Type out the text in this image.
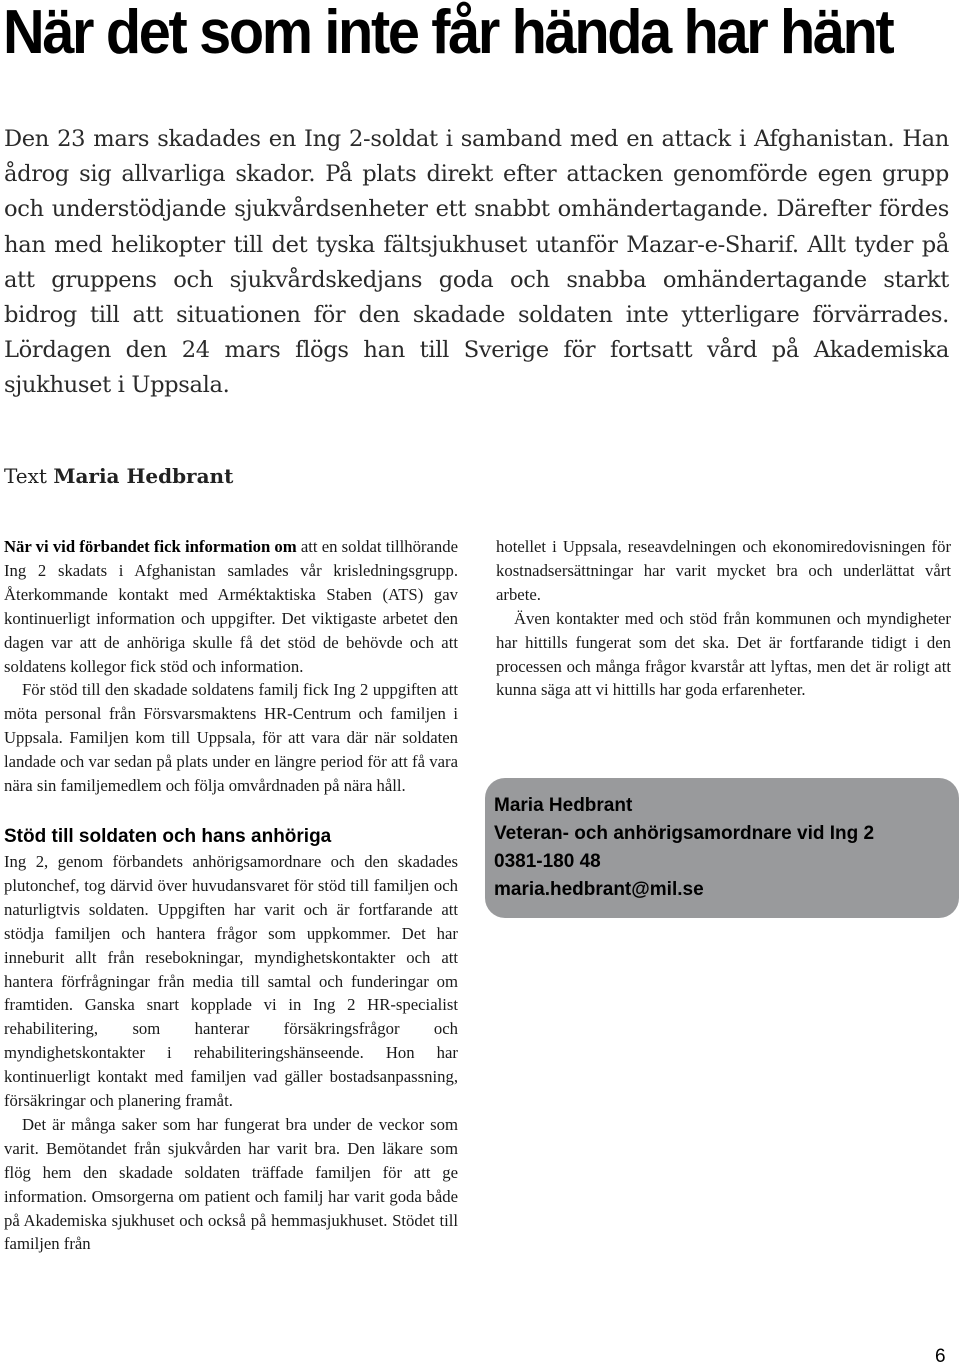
När det som inte får hända har hänt

Den 23 mars skadades en Ing 2-soldat i samband med en attack i Afghanistan. Han ådrog sig allvarliga skador. På plats direkt efter attacken genomförde egen grupp och understödjande sjukvårdsenheter ett snabbt omhändertagande. Därefter fördes han med helikopter till det tyska fältsjukhuset utanför Mazar-e-Sharif. Allt tyder på att gruppens och sjukvårdskedjans goda och snabba omhändertagande starkt bidrog till att situationen för den skadade soldaten inte ytterligare förvärrades. Lördagen den 24 mars flögs han till Sverige för fortsatt vård på Akademiska sjukhuset i Uppsala.

Text Maria Hedbrant

När vi vid förbandet fick information om att en soldat tillhörande Ing 2 skadats i Afghanistan samlades vår krisledningsgrupp. Återkommande kontakt med Arméktaktiska Staben (ATS) gav kontinuerligt information och uppgifter. Det viktigaste arbetet den dagen var att de anhöriga skulle få det stöd de behövde och att soldatens kollegor fick stöd och information.

För stöd till den skadade soldatens familj fick Ing 2 uppgiften att möta personal från Försvarsmaktens HR-Centrum och familjen i Uppsala. Familjen kom till Uppsala, för att vara där när soldaten landade och var sedan på plats under en längre period för att få vara nära sin familjemedlem och följa omvårdnaden på nära håll.

Stöd till soldaten och hans anhöriga

Ing 2, genom förbandets anhörigsamordnare och den skadades plutonchef, tog därvid över huvudansvaret för stöd till familjen och naturligtvis soldaten. Uppgiften har varit och är fortfarande att stödja familjen och hantera frågor som uppkommer. Det har inneburit allt från resebokningar, myndighetskontakter och att hantera förfrågningar från media till samtal och funderingar om framtiden. Ganska snart kopplade vi in Ing 2 HR-specialist rehabilitering, som hanterar försäkringsfrågor och myndighetskontakter i rehabiliteringshänseende. Hon har kontinuerligt kontakt med familjen vad gäller bostadsanpassning, försäkringar och planering framåt.

Det är många saker som har fungerat bra under de veckor som varit. Bemötandet från sjukvården har varit bra. Den läkare som flög hem den skadade soldaten träffade familjen för att ge information. Omsorgerna om patient och familj har varit goda både på Akademiska sjukhuset och också på hemmasjukhuset. Stödet till familjen från

hotellet i Uppsala, reseavdelningen och ekonomiredovisningen för kostnadsersättningar har varit mycket bra och underlättat vårt arbete.

Även kontakter med och stöd från kommunen och myndigheter har hittills fungerat som det ska. Det är fortfarande tidigt i den processen och många frågor kvarstår att lyftas, men det är roligt att kunna säga att vi hittills har goda erfarenheter.

Maria Hedbrant
Veteran- och anhörigsamordnare vid Ing 2
0381-180 48
maria.hedbrant@mil.se
6
